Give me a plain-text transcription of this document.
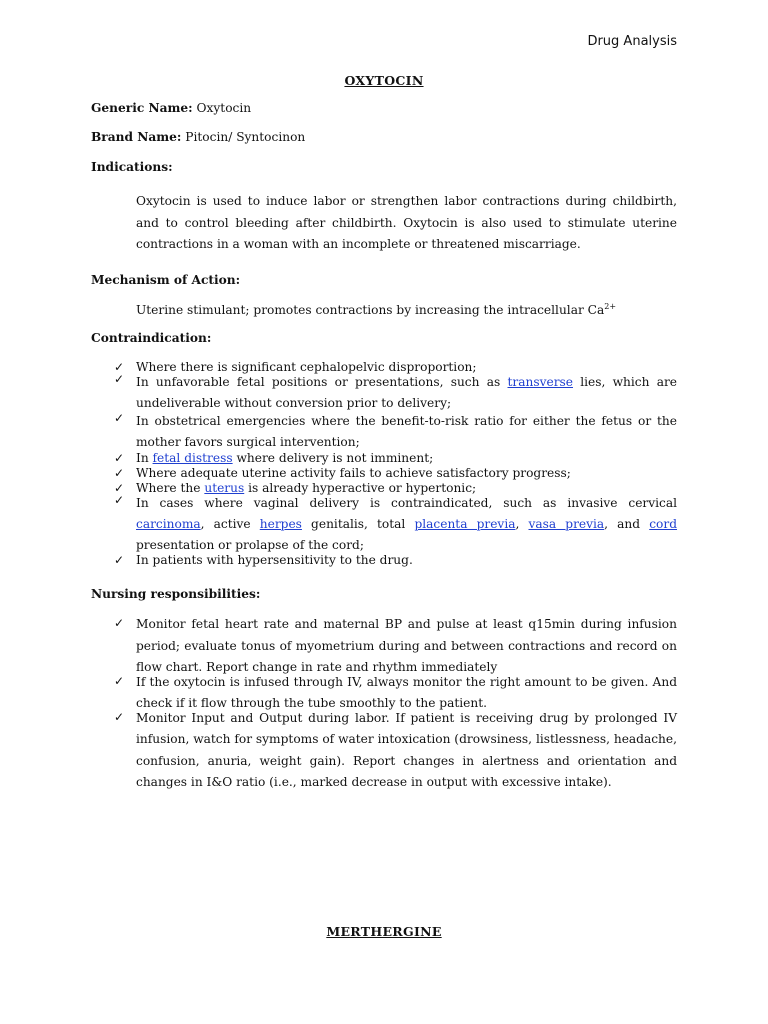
Drug Analysis
OXYTOCIN
Generic Name: Oxytocin
Brand Name: Pitocin/ Syntocinon
Indications:
Oxytocin is used to induce labor or strengthen labor contractions during childbirth, and to control bleeding after childbirth. Oxytocin is also used to stimulate uterine contractions in a woman with an incomplete or threatened miscarriage.
Mechanism of Action:
Uterine stimulant; promotes contractions by increasing the intracellular $Ca^{2+}$
Contraindication:
✓ Where there is significant cephalopelvic disproportion;
✓ In unfavorable fetal positions or presentations, such as transverse lies, which are undeliverable without conversion prior to delivery;
✓ In obstetrical emergencies where the benefit-to-risk ratio for either the fetus or the mother favors surgical intervention;
✓ In fetal distress where delivery is not imminent;
✓ Where adequate uterine activity fails to achieve satisfactory progress;
✓ Where the uterus is already hyperactive or hypertonic;
✓ In cases where vaginal delivery is contraindicated, such as invasive cervical carcinoma, active herpes genitalis, total placenta previa, vasa previa, and cord presentation or prolapse of the cord;
✓ In patients with hypersensitivity to the drug.
Nursing responsibilities:
✓ Monitor fetal heart rate and maternal BP and pulse at least q15min during infusion period; evaluate tonus of myometrium during and between contractions and record on flow chart. Report change in rate and rhythm immediately
✓ If the oxytocin is infused through IV, always monitor the right amount to be given. And check if it flow through the tube smoothly to the patient.
✓ Monitor Input and Output during labor. If patient is receiving drug by prolonged IV infusion, watch for symptoms of water intoxication (drowsiness, listlessness, headache, confusion, anuria, weight gain). Report changes in alertness and orientation and changes in I&O ratio (i.e., marked decrease in output with excessive intake).
MERTHERGINE
